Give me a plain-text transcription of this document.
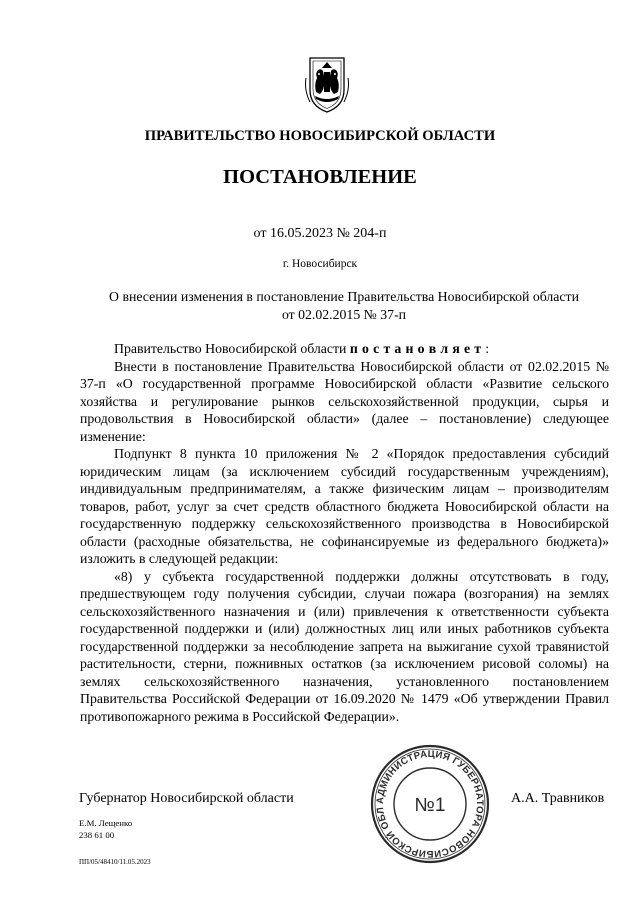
ПРАВИТЕЛЬСТВО НОВОСИБИРСКОЙ ОБЛАСТИ
ПОСТАНОВЛЕНИЕ
от 16.05.2023 № 204-п
г. Новосибирск
О внесении изменения в постановление Правительства Новосибирской области
от 02.02.2015 № 37-п

Правительство Новосибирской области п о с т а н о в л я е т :

Внести в постановление Правительства Новосибирской области от 02.02.2015 № 37-п «О государственной программе Новосибирской области «Развитие сельского хозяйства и регулирование рынков сельскохозяйственной продукции, сырья и продовольствия в Новосибирской области» (далее – постановление) следующее изменение:

Подпункт 8 пункта 10 приложения № 2 «Порядок предоставления субсидий юридическим лицам (за исключением субсидий государственным учреждениям), индивидуальным предпринимателям, а также физическим лицам – производителям товаров, работ, услуг за счет средств областного бюджета Новосибирской области на государственную поддержку сельскохозяйственного производства в Новосибирской области (расходные обязательства, не софинансируемые из федерального бюджета)» изложить в следующей редакции:

«8) у субъекта государственной поддержки должны отсутствовать в году, предшествующем году получения субсидии, случаи пожара (возгорания) на землях сельскохозяйственного назначения и (или) привлечения к ответственности субъекта государственной поддержки и (или) должностных лиц или иных работников субъекта государственной поддержки за несоблюдение запрета на выжигание сухой травянистой растительности, стерни, пожнивных остатков (за исключением рисовой соломы) на землях сельскохозяйственного назначения, установленного постановлением Правительства Российской Федерации от 16.09.2020 № 1479 «Об утверждении Правил противопожарного режима в Российской Федерации».

АДМИНИСТРАЦИЯ ГУБЕРНАТОРА НОВОСИБИРСКОЙ ОБЛАСТИ
№1
Губернатор Новосибирской области	А.А. Травников
Е.М. Лещенко
238 61 00
ПП/05/48410/11.05.2023
